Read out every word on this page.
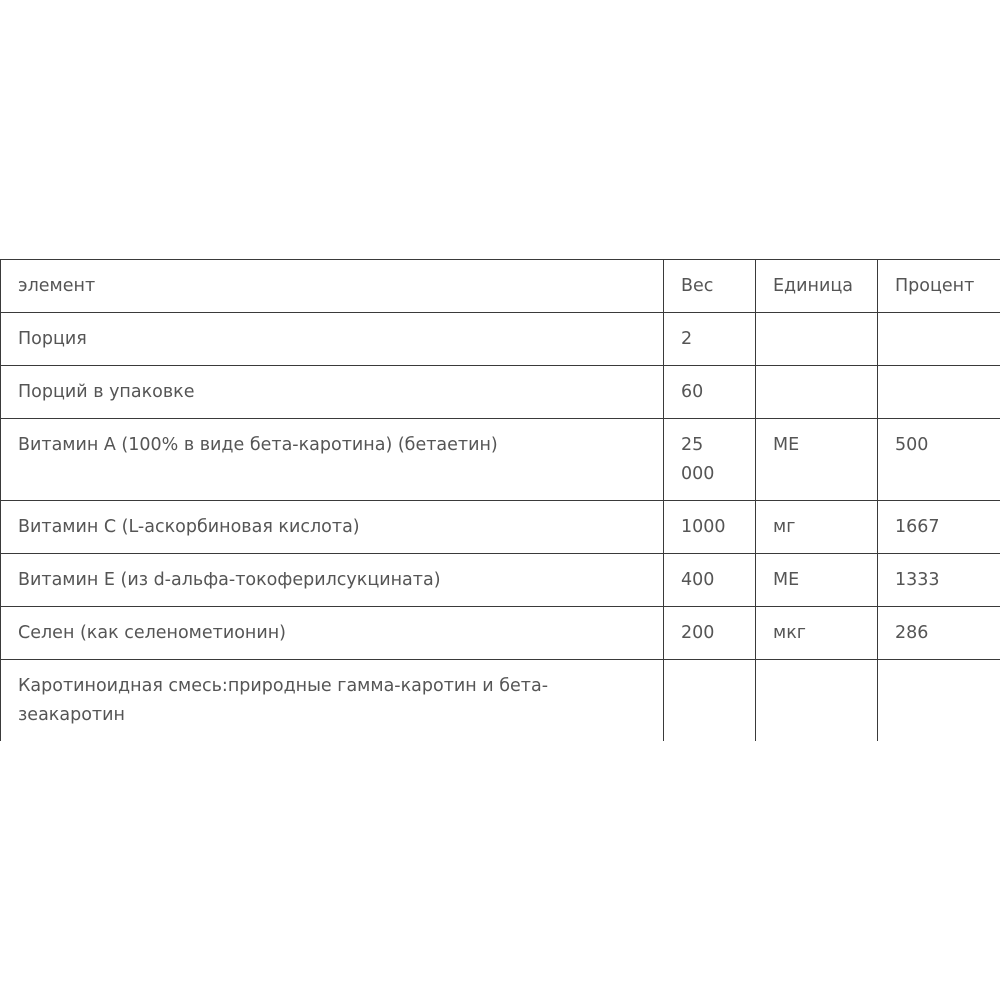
элемент	Вес	Единица	Процент
Порция	2		
Порций в упаковке	60		
Витамин А (100% в виде бета-каротина) (бетаетин)	25 000	МЕ	500
Витамин С (L-аскорбиновая кислота)	1000	мг	1667
Витамин Е (из d-альфа-токоферилсукцината)	400	МЕ	1333
Селен (как селенометионин)	200	мкг	286
Каротиноидная смесь:природные гамма-каротин и бета-зеакаротин			
